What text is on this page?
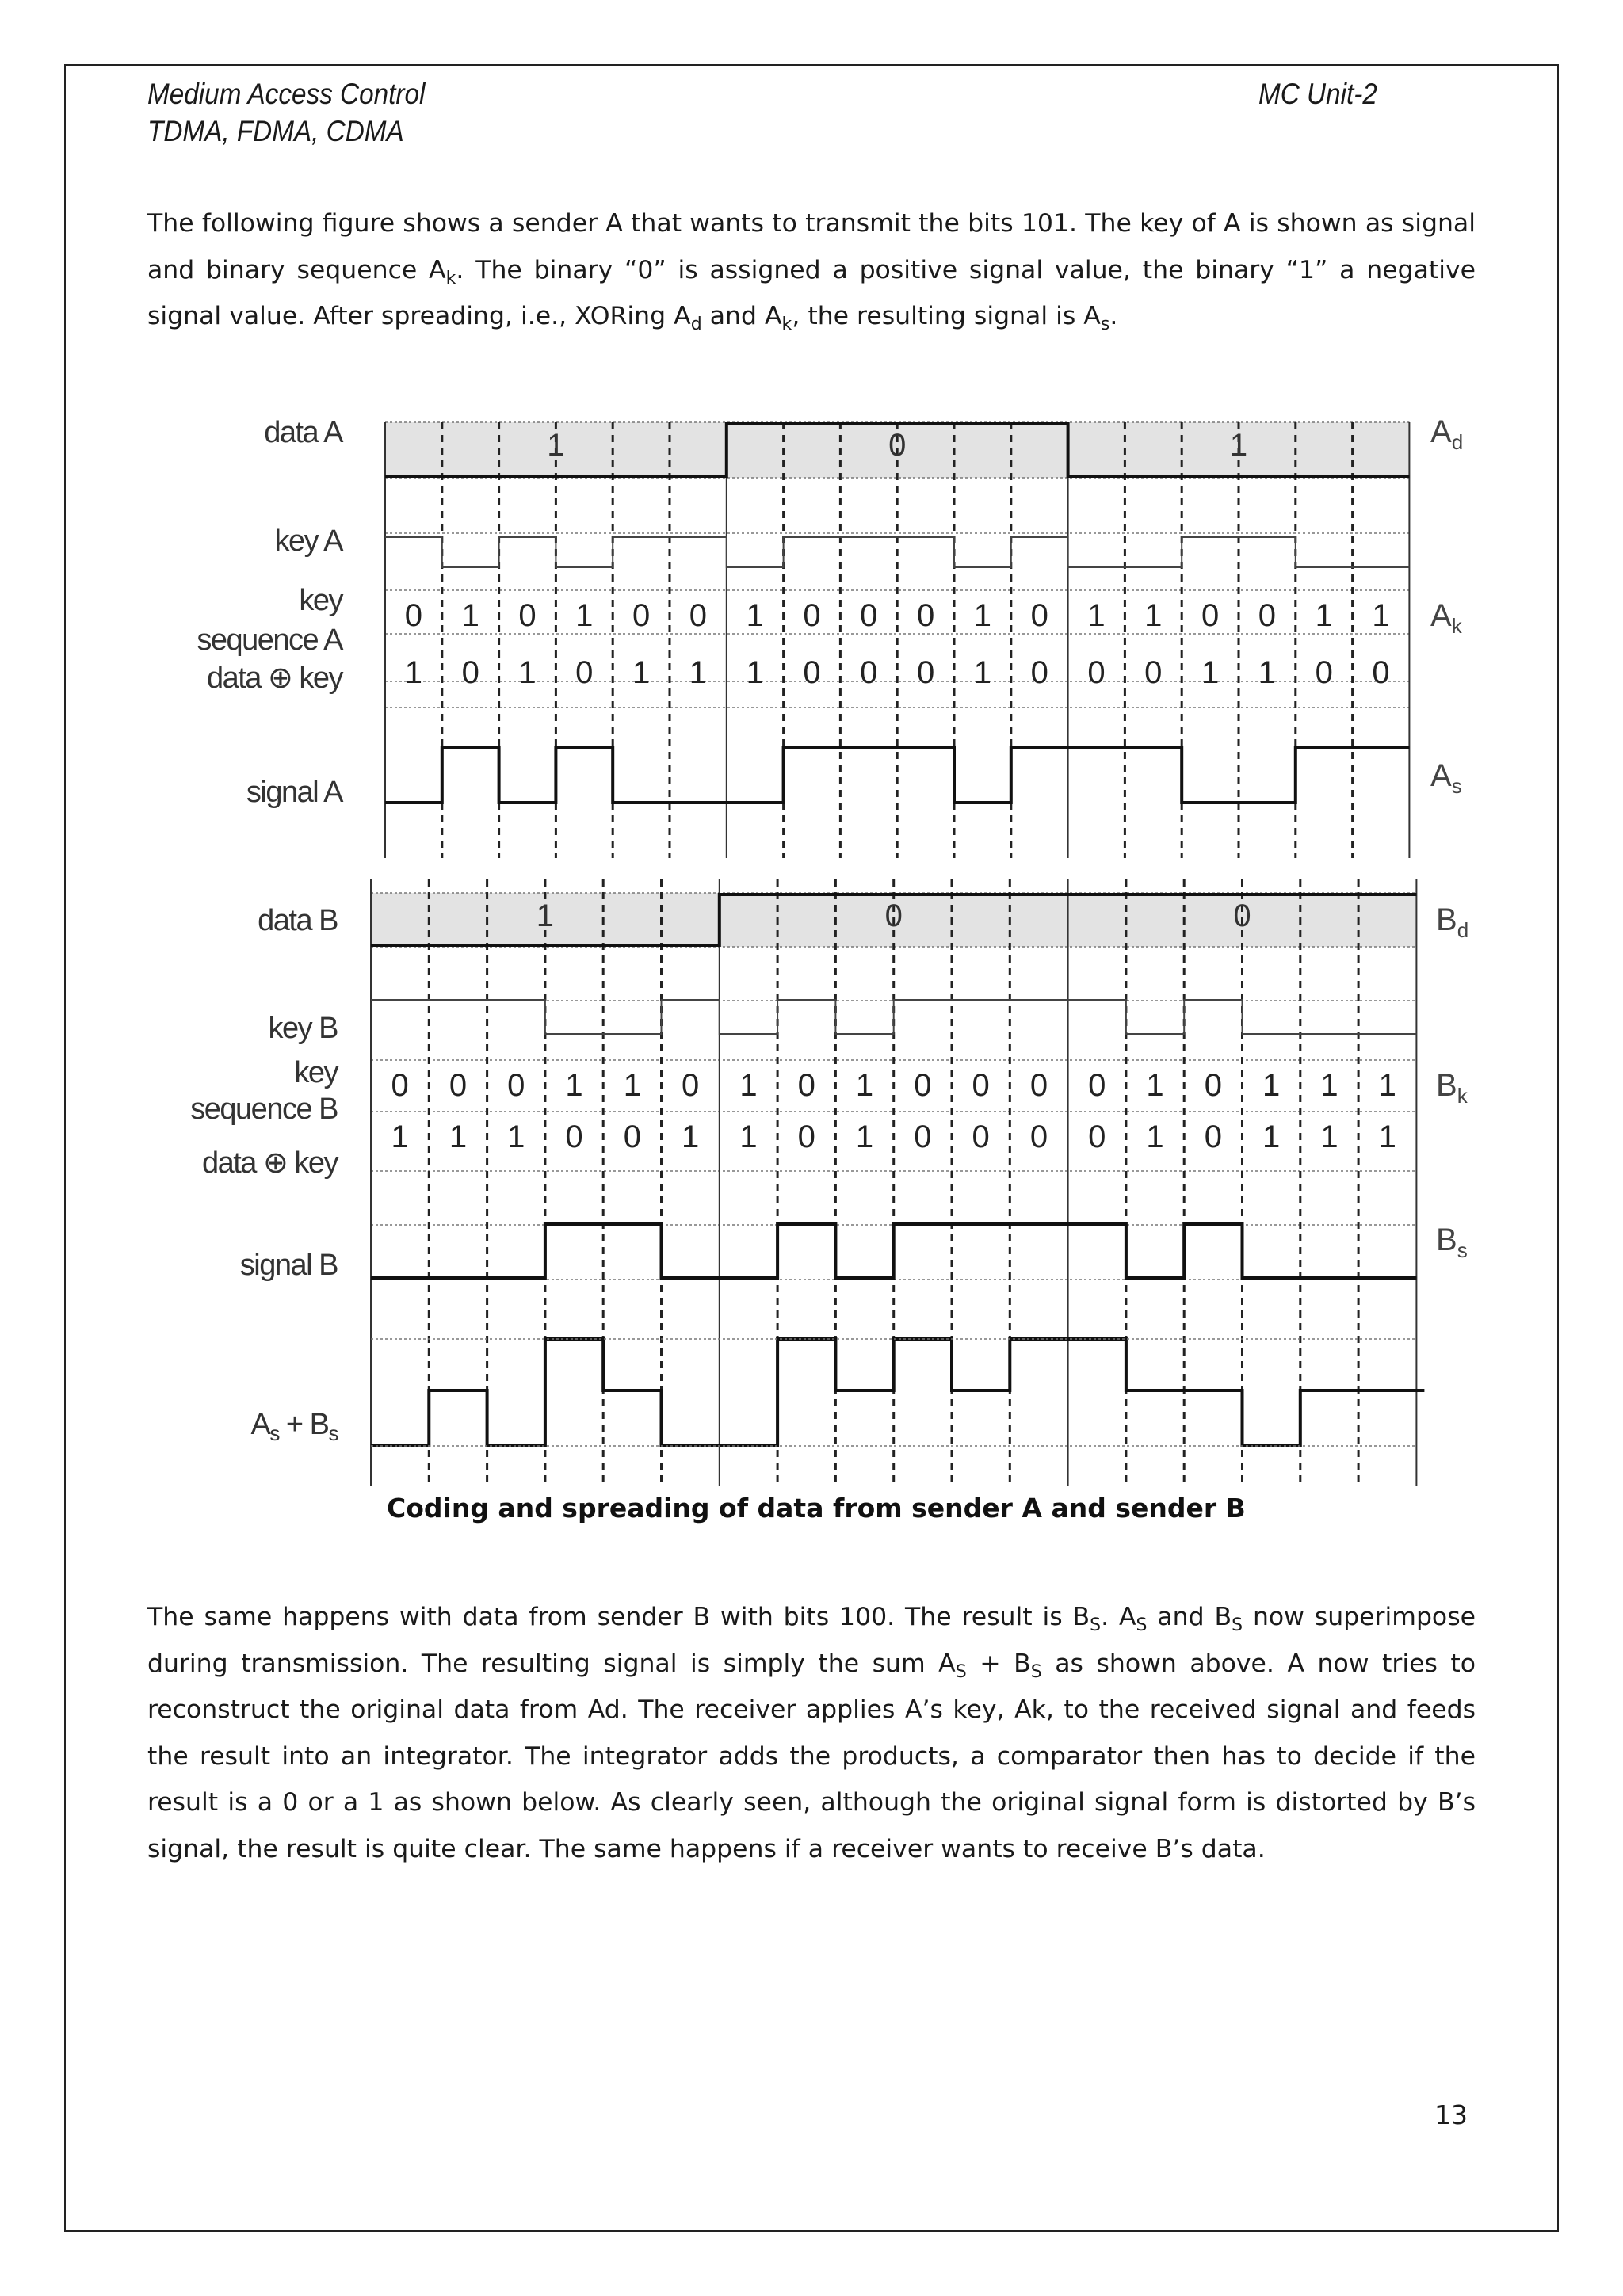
Medium Access Control
TDMA, FDMA, CDMA
MC Unit-2

The following figure shows a sender A that wants to transmit the bits 101. The key of A is shown as signal and binary sequence $A_k$. The binary “0” is assigned a positive signal value, the binary “1” a negative signal value. After spreading, i.e., XORing $A_d$ and $A_k$, the resulting signal is $A_s$.

1	0	1
0 1 0 1 0 0 1 0 0 0 1 0 1 1 0 0 1 1
1 0 1 0 1 1 1 0 0 0 1 0 0 0 1 1 0 0
data A
key A
key
sequence A
data ⊕ key
signal A
$A_d$
$A_k$
$A_s$
1	0	0
0 0 0 1 1 0 1 0 1 0 0 0 0 1 0 1 1 1
1 1 1 0 0 1 1 0 1 0 0 0 0 1 0 1 1 1
data B
key B
key
sequence B
data ⊕ key
signal B
$B_d$
$B_k$
$B_s$
$A_s + B_s$
Coding and spreading of data from sender A and sender B

The same happens with data from sender B with bits 100. The result is $B_S$. $A_S$ and $B_S$ now superimpose during transmission. The resulting signal is simply the sum $A_S + B_S$ as shown above. A now tries to reconstruct the original data from Ad. The receiver applies A’s key, Ak, to the received signal and feeds the result into an integrator. The integrator adds the products, a comparator then has to decide if the result is a 0 or a 1 as shown below. As clearly seen, although the original signal form is distorted by B’s signal, the result is quite clear. The same happens if a receiver wants to receive B’s data.

13
